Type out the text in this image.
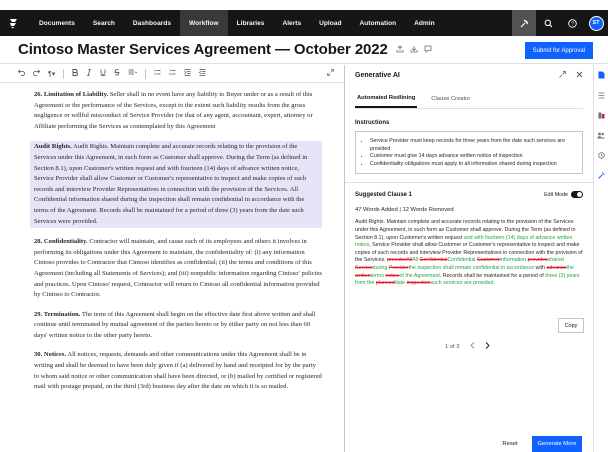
Documents	Search	Dashboards	Workflow	Libraries	Alerts	Upload	Automation	Admin	?	ST
Cintoso Master Services Agreement — October 2022	Submit for Approval
¶▾

26. Limitation of Liability. Seller shall in no event have any liability to Buyer under or as a result of this Agreement or the performance of the Services, except to the extent such liability results from the gross negligence or willful misconduct of Service Provider (or that of any agent, accountant, expert, attorney or Affiliate performing the Services as contemplated by this Agreement

Audit Rights. Audit Rights. Maintain complete and accurate records relating to the provision of the Services under this Agreement, in such form as Customer shall approve. During the Term (as defined in Section 8.1), upon Customer's written request and with fourteen (14) days of advance written notice, Service Provider shall allow Customer or Customer's representative to inspect and make copies of such records and interview Provider Representatives in connection with the provision of the Services. All Confidential information shared during the inspection shall remain confidential in accordance with the terms of the Agreement. Records shall be maintained for a period of three (3) years from the date such Services were provided.

28. Confidentiality. Contractor will maintain, and cause each of its employees and others it involves in performing its obligations under this Agreement to maintain, the confidentiality of: (i) any information Cintoso provides to Contractor that Cintoso identifies as confidential; (ii) the terms and conditions of this Agreement (including all Statements of Services); and (iii) nonpublic information regarding Cintoso' policies and practices. Upon Cintoso' request, Contractor will return to Cintoso all confidential information provided by Cintoso to Contractor.

29. Termination. The term of this Agreement shall begin on the effective date first above written and shall continue until terminated by mutual agreement of the parties hereto or by either party on not less than 60 days' written notice to the other party hereto.

30. Notices. All notices, requests, demands and other communications under this Agreement shall be in writing and shall be deemed to have been duly given if (a) delivered by hand and receipted for by the party to whom said notice or other communication shall have been directed, or (b) mailed by certified or registered mail with postage prepaid, on the third (3rd) business day after the date on which it is so mailed.

Generative AI
Automated Redlining	Clause Creator
Instructions
• Service Provider must keep records for three years from the date such services are provided
• Customer must give 14 days advance written notice of inspection
• Confidentiality obligations must apply to all information shared during inspection
Suggested Clause 1	Edit Mode
47 Words Added | 12 Words Removed
Audit Rights. Maintain complete and accurate records relating to the provision of the Services under this Agreement, in such form as Customer shall approve. During the Term (as defined in Section 8.1), upon Customer's written request and with fourteen (14) days of advance written notice, Service Provider shall allow Customer or Customer's representative to inspect and make copies of such records and interview Provider Representatives in connection with the provision of the Services. providerAllAll ConfidentialConfidential Customerinformation providesshared Serviceduring Providerthe inspection shall remain confidential in accordance with advancethe writtenterms noticeof the Agreement. Records shall be maintained for a period of three (3) years from the planneddate inspectionsuch services are provided.
Copy
1 of 3
Reset	Generate More
